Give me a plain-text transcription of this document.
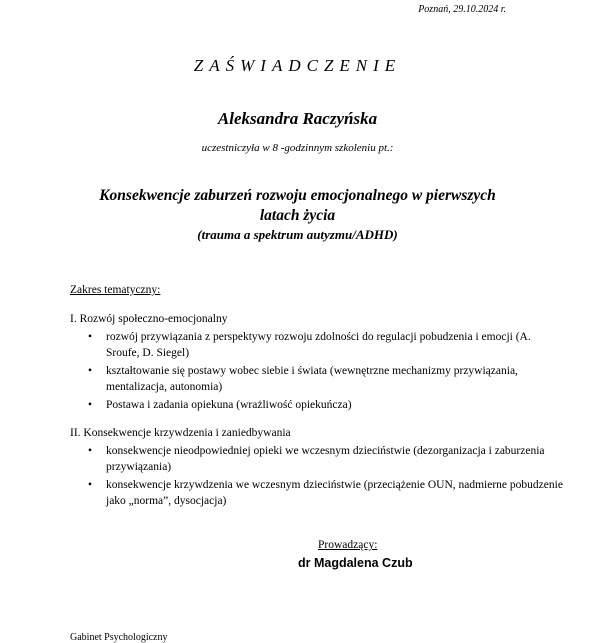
Poznań, 29.10.2024 r.
ZAŚWIADCZENIE
Aleksandra Raczyńska
uczestniczyła w 8 -godzinnym szkoleniu pt.:
Konsekwencje zaburzeń rozwoju emocjonalnego w pierwszych
latach życia
(trauma a spektrum autyzmu/ADHD)
Zakres tematyczny:
I. Rozwój społeczno-emocjonalny
• rozwój przywiązania z perspektywy rozwoju zdolności do regulacji pobudzenia i emocji (A. Sroufe, D. Siegel)
• kształtowanie się postawy wobec siebie i świata (wewnętrzne mechanizmy przywiązania, mentalizacja, autonomia)
• Postawa i zadania opiekuna (wrażliwość opiekuńcza)
II. Konsekwencje krzywdzenia i zaniedbywania
• konsekwencje nieodpowiedniej opieki we wczesnym dzieciństwie (dezorganizacja i zaburzenia przywiązania)
• konsekwencje krzywdzenia we wczesnym dzieciństwie (przeciążenie OUN, nadmierne pobudzenie jako „norma”, dysocjacja)
Prowadzący:
dr Magdalena Czub
Gabinet Psychologiczny
